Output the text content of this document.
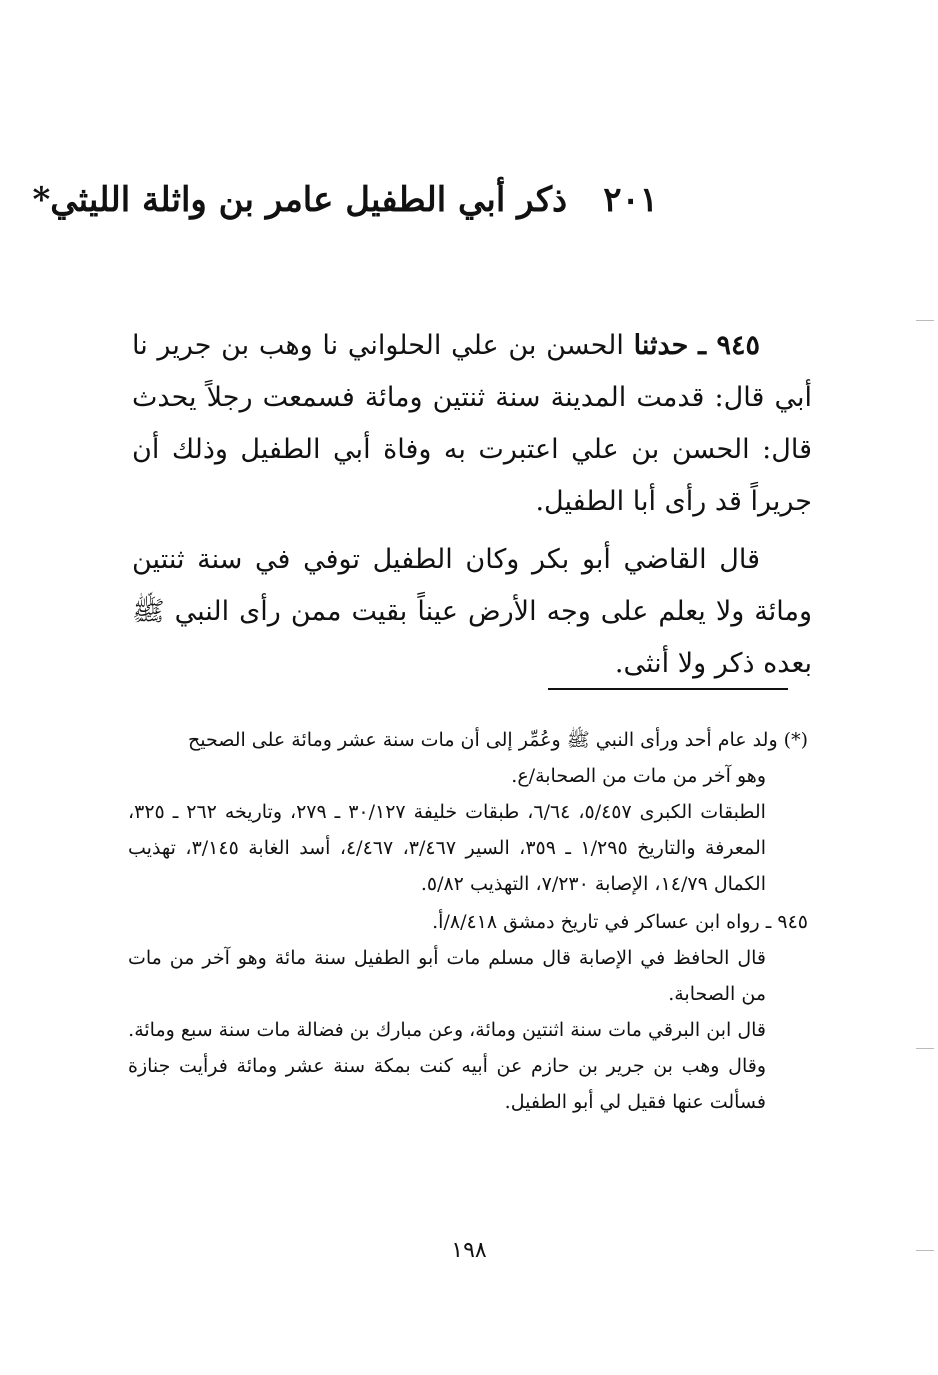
٢٠١ذكر أبي الطفيل عامر بن واثلة الليثي*

٩٤٥ ـ حدثنا الحسن بن علي الحلواني نا وهب بن جرير نا أبي قال: قدمت المدينة سنة ثنتين ومائة فسمعت رجلاً يحدث قال: الحسن بن علي اعتبرت به وفاة أبي الطفيل وذلك أن جريراً قد رأى أبا الطفيل.

قال القاضي أبو بكر وكان الطفيل توفي في سنة ثنتين ومائة ولا يعلم على وجه الأرض عيناً بقيت ممن رأى النبي ﷺ بعده ذكر ولا أنثى.

(*) ولد عام أحد ورأى النبي ﷺ وعُمِّر إلى أن مات سنة عشر ومائة على الصحيح
وهو آخر من مات من الصحابة/ع.
الطبقات الكبرى ٥/٤٥٧، ٦/٦٤، طبقات خليفة ٣٠/١٢٧ ـ ٢٧٩، وتاريخه ٢٦٢ ـ ٣٢٥، المعرفة والتاريخ ١/٢٩٥ ـ ٣٥٩، السير ٣/٤٦٧، ٤/٤٦٧، أسد الغابة ٣/١٤٥، تهذيب الكمال ١٤/٧٩، الإصابة ٧/٢٣٠، التهذيب ٥/٨٢.
٩٤٥ ـ رواه ابن عساكر في تاريخ دمشق ٨/٤١٨/أ.
قال الحافظ في الإصابة قال مسلم مات أبو الطفيل سنة مائة وهو آخر من مات من الصحابة.
قال ابن البرقي مات سنة اثنتين ومائة، وعن مبارك بن فضالة مات سنة سبع ومائة.
وقال وهب بن جرير بن حازم عن أبيه كنت بمكة سنة عشر ومائة فرأيت جنازة فسألت عنها فقيل لي أبو الطفيل.
١٩٨
